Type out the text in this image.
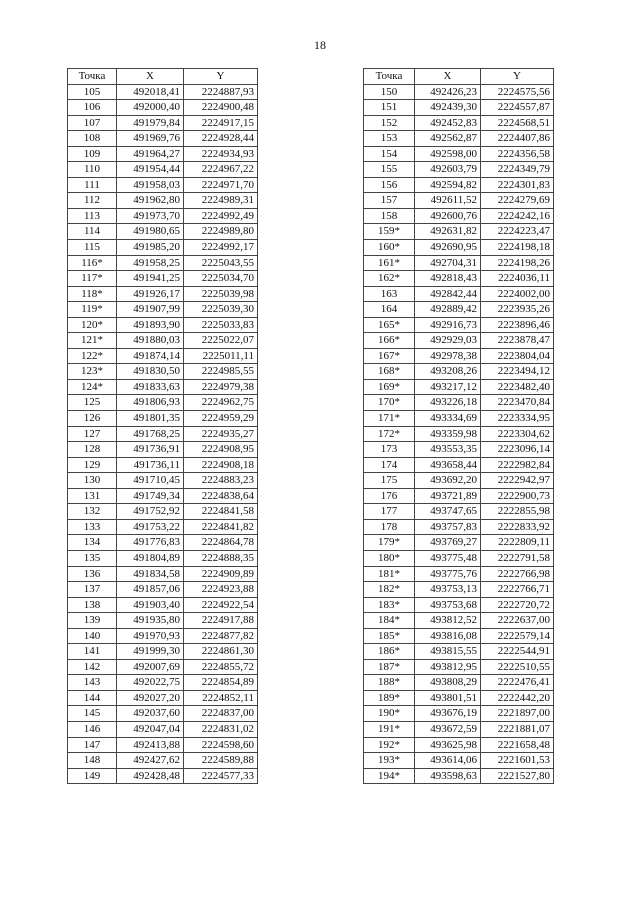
18
Точка	X	Y
105	492018,41	2224887,93
106	492000,40	2224900,48
107	491979,84	2224917,15
108	491969,76	2224928,44
109	491964,27	2224934,93
110	491954,44	2224967,22
111	491958,03	2224971,70
112	491962,80	2224989,31
113	491973,70	2224992,49
114	491980,65	2224989,80
115	491985,20	2224992,17
116*	491958,25	2225043,55
117*	491941,25	2225034,70
118*	491926,17	2225039,98
119*	491907,99	2225039,30
120*	491893,90	2225033,83
121*	491880,03	2225022,07
122*	491874,14	2225011,11
123*	491830,50	2224985,55
124*	491833,63	2224979,38
125	491806,93	2224962,75
126	491801,35	2224959,29
127	491768,25	2224935,27
128	491736,91	2224908,95
129	491736,11	2224908,18
130	491710,45	2224883,23
131	491749,34	2224838,64
132	491752,92	2224841,58
133	491753,22	2224841,82
134	491776,83	2224864,78
135	491804,89	2224888,35
136	491834,58	2224909,89
137	491857,06	2224923,88
138	491903,40	2224922,54
139	491935,80	2224917,88
140	491970,93	2224877,82
141	491999,30	2224861,30
142	492007,69	2224855,72
143	492022,75	2224854,89
144	492027,20	2224852,11
145	492037,60	2224837,00
146	492047,04	2224831,02
147	492413,88	2224598,60
148	492427,62	2224589,88
149	492428,48	2224577,33
Точка	X	Y
150	492426,23	2224575,56
151	492439,30	2224557,87
152	492452,83	2224568,51
153	492562,87	2224407,86
154	492598,00	2224356,58
155	492603,79	2224349,79
156	492594,82	2224301,83
157	492611,52	2224279,69
158	492600,76	2224242,16
159*	492631,82	2224223,47
160*	492690,95	2224198,18
161*	492704,31	2224198,26
162*	492818,43	2224036,11
163	492842,44	2224002,00
164	492889,42	2223935,26
165*	492916,73	2223896,46
166*	492929,03	2223878,47
167*	492978,38	2223804,04
168*	493208,26	2223494,12
169*	493217,12	2223482,40
170*	493226,18	2223470,84
171*	493334,69	2223334,95
172*	493359,98	2223304,62
173	493553,35	2223096,14
174	493658,44	2222982,84
175	493692,20	2222942,97
176	493721,89	2222900,73
177	493747,65	2222855,98
178	493757,83	2222833,92
179*	493769,27	2222809,11
180*	493775,48	2222791,58
181*	493775,76	2222766,98
182*	493753,13	2222766,71
183*	493753,68	2222720,72
184*	493812,52	2222637,00
185*	493816,08	2222579,14
186*	493815,55	2222544,91
187*	493812,95	2222510,55
188*	493808,29	2222476,41
189*	493801,51	2222442,20
190*	493676,19	2221897,00
191*	493672,59	2221881,07
192*	493625,98	2221658,48
193*	493614,06	2221601,53
194*	493598,63	2221527,80
